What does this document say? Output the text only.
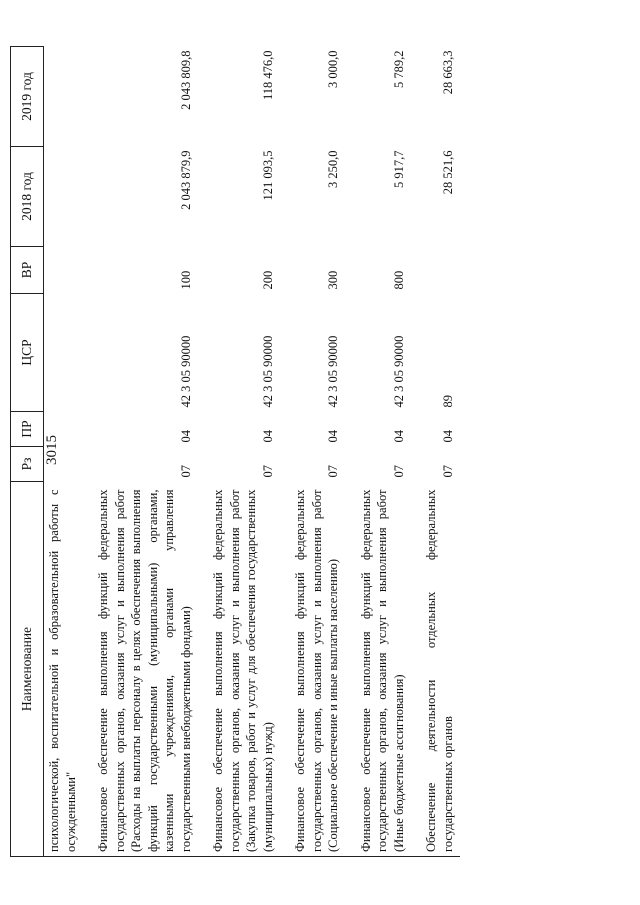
3015
Наименование	Рз	ПР	ЦСР	ВР	2018 год	2019 год
психологической, воспитательной и образовательной работы с осужденными"						
Финансовое обеспечение выполнения функций федеральных государственных органов, оказания услуг и выполнения работ (Расходы на выплаты персоналу в целях обеспечения выполнения функций государственными (муниципальными) органами, казенными учреждениями, органами управления государственными внебюджетными фондами)	07	04	42 3 05 90000	100	2 043 879,9	2 043 809,8
Финансовое обеспечение выполнения функций федеральных государственных органов, оказания услуг и выполнения работ (Закупка товаров, работ и услуг для обеспечения государственных (муниципальных) нужд)	07	04	42 3 05 90000	200	121 093,5	118 476,0
Финансовое обеспечение выполнения функций федеральных государственных органов, оказания услуг и выполнения работ (Социальное обеспечение и иные выплаты населению)	07	04	42 3 05 90000	300	3 250,0	3 000,0
Финансовое обеспечение выполнения функций федеральных государственных органов, оказания услуг и выполнения работ (Иные бюджетные ассигнования)	07	04	42 3 05 90000	800	5 917,7	5 789,2
Обеспечение деятельности отдельных федеральных государственных органов	07	04	89		28 521,6	28 663,3
